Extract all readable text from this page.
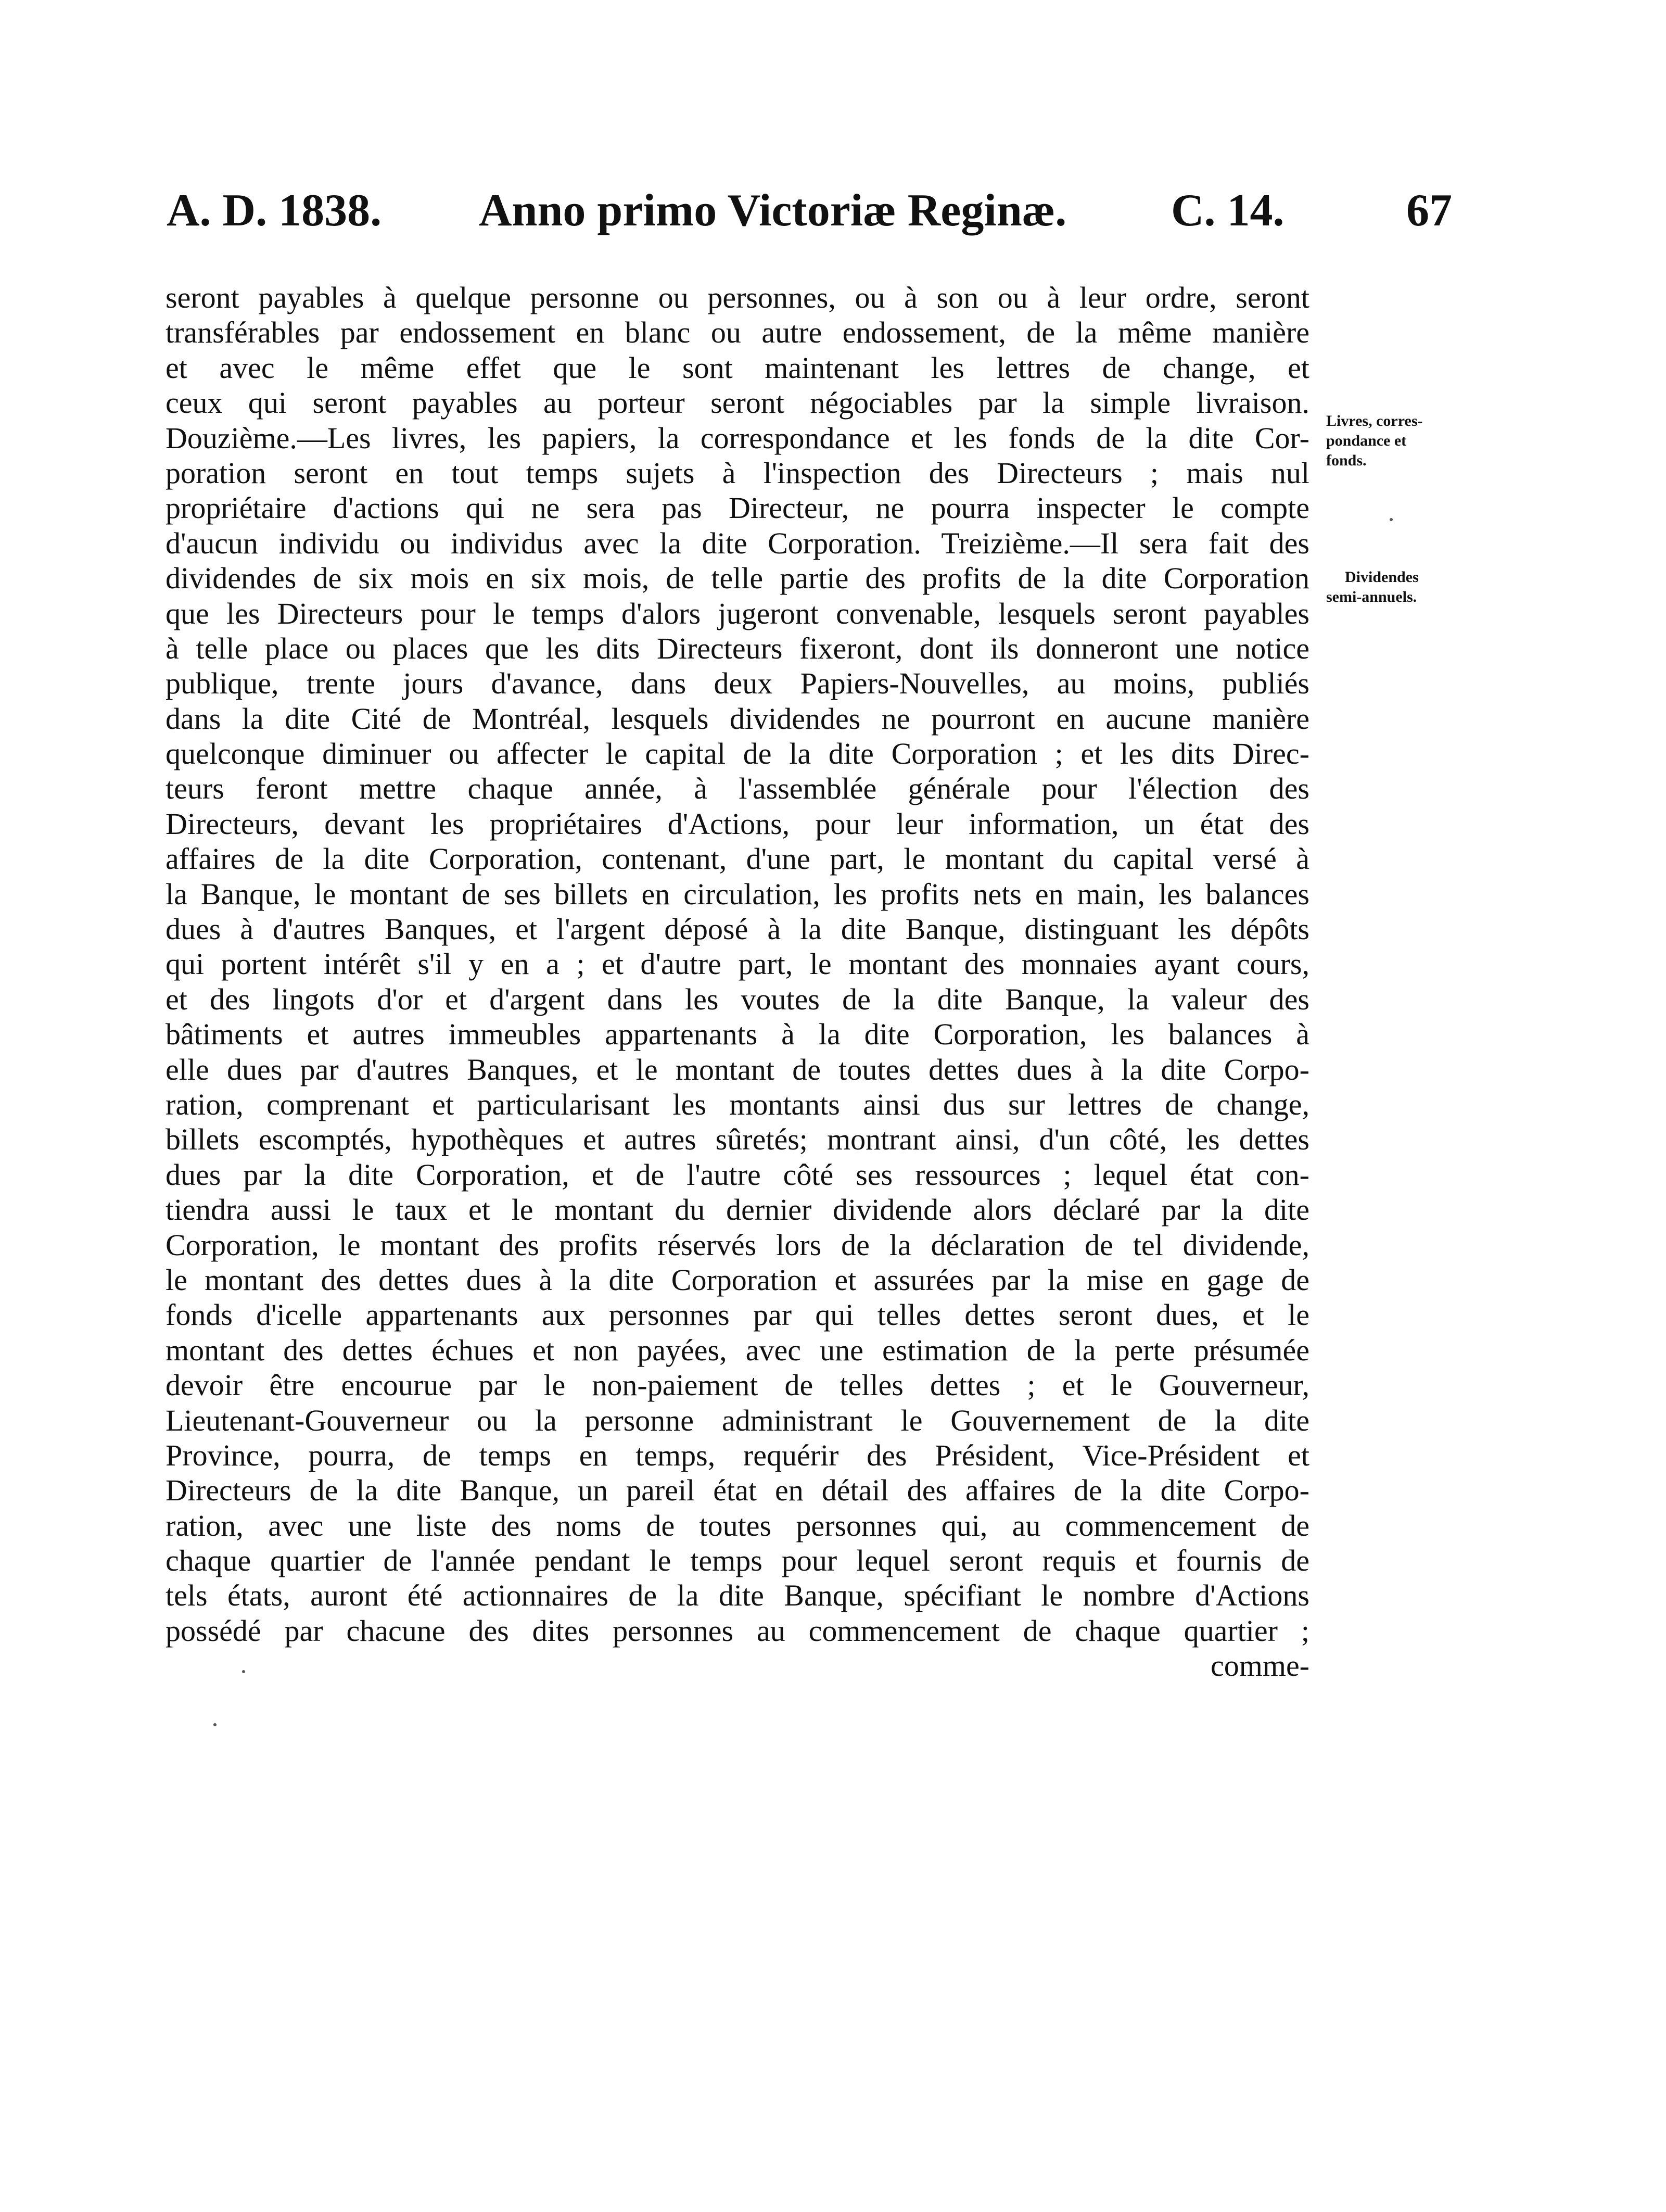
A. D. 1838. Anno primo Victoriæ Reginæ. C. 14.	67
seront payables à quelque personne ou personnes, ou à son ou à leur ordre, seront
transférables par endossement en blanc ou autre endossement, de la même manière
et avec le même effet que le sont maintenant les lettres de change, et
ceux qui seront payables au porteur seront négociables par la simple livraison.
Douzième.—Les livres, les papiers, la correspondance et les fonds de la dite Cor-
poration seront en tout temps sujets à l'inspection des Directeurs ; mais nul
propriétaire d'actions qui ne sera pas Directeur, ne pourra inspecter le compte
d'aucun individu ou individus avec la dite Corporation. Treizième.—Il sera fait des
dividendes de six mois en six mois, de telle partie des profits de la dite Corporation
que les Directeurs pour le temps d'alors jugeront convenable, lesquels seront payables
à telle place ou places que les dits Directeurs fixeront, dont ils donneront une notice
publique, trente jours d'avance, dans deux Papiers-Nouvelles, au moins, publiés
dans la dite Cité de Montréal, lesquels dividendes ne pourront en aucune manière
quelconque diminuer ou affecter le capital de la dite Corporation ; et les dits Direc-
teurs feront mettre chaque année, à l'assemblée générale pour l'élection des
Directeurs, devant les propriétaires d'Actions, pour leur information, un état des
affaires de la dite Corporation, contenant, d'une part, le montant du capital versé à
la Banque, le montant de ses billets en circulation, les profits nets en main, les balances
dues à d'autres Banques, et l'argent déposé à la dite Banque, distinguant les dépôts
qui portent intérêt s'il y en a ; et d'autre part, le montant des monnaies ayant cours,
et des lingots d'or et d'argent dans les voutes de la dite Banque, la valeur des
bâtiments et autres immeubles appartenants à la dite Corporation, les balances à
elle dues par d'autres Banques, et le montant de toutes dettes dues à la dite Corpo-
ration, comprenant et particularisant les montants ainsi dus sur lettres de change,
billets escomptés, hypothèques et autres sûretés; montrant ainsi, d'un côté, les dettes
dues par la dite Corporation, et de l'autre côté ses ressources ; lequel état con-
tiendra aussi le taux et le montant du dernier dividende alors déclaré par la dite
Corporation, le montant des profits réservés lors de la déclaration de tel dividende,
le montant des dettes dues à la dite Corporation et assurées par la mise en gage de
fonds d'icelle appartenants aux personnes par qui telles dettes seront dues, et le
montant des dettes échues et non payées, avec une estimation de la perte présumée
devoir être encourue par le non-paiement de telles dettes ; et le Gouverneur,
Lieutenant-Gouverneur ou la personne administrant le Gouvernement de la dite
Province, pourra, de temps en temps, requérir des Président, Vice-Président et
Directeurs de la dite Banque, un pareil état en détail des affaires de la dite Corpo-
ration, avec une liste des noms de toutes personnes qui, au commencement de
chaque quartier de l'année pendant le temps pour lequel seront requis et fournis de
tels états, auront été actionnaires de la dite Banque, spécifiant le nombre d'Actions
possédé par chacune des dites personnes au commencement de chaque quartier ;
comme-
Livres, corres-
pondance et
fonds.
Dividendes
semi-annuels.
